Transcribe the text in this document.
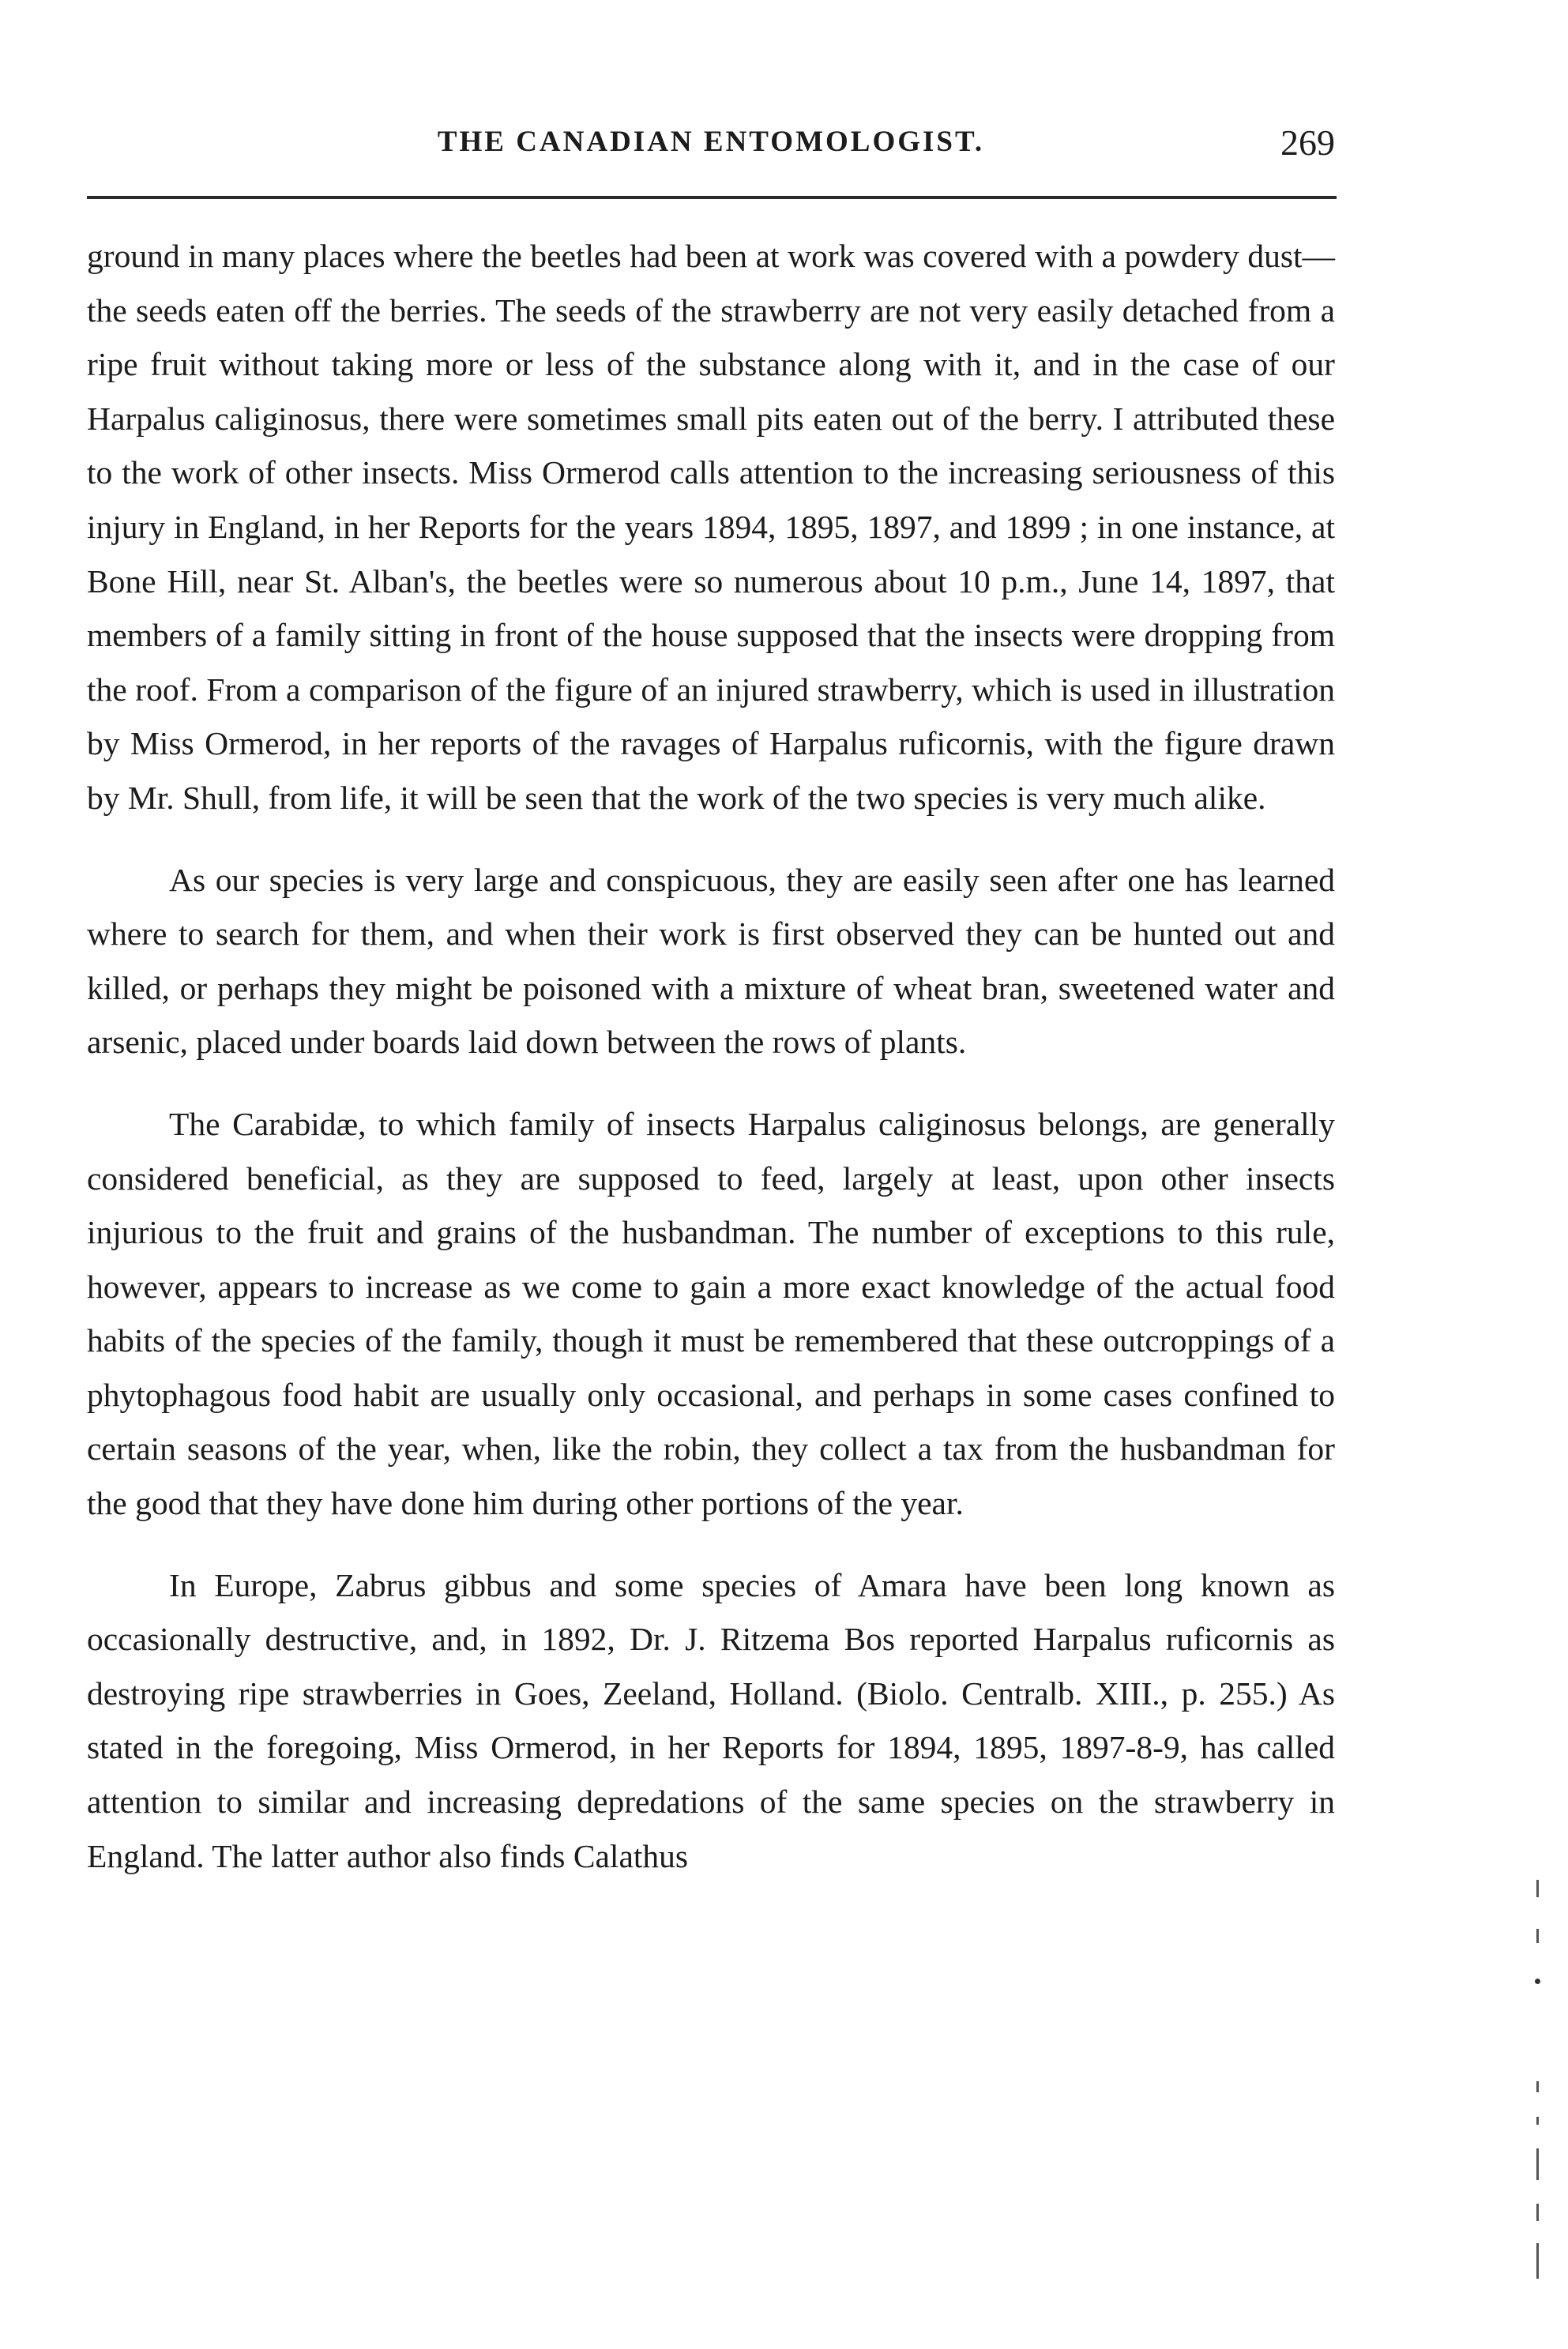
THE CANADIAN ENTOMOLOGIST.	269

ground in many places where the beetles had been at work was covered with a powdery dust—the seeds eaten off the berries. The seeds of the strawberry are not very easily detached from a ripe fruit without taking more or less of the substance along with it, and in the case of our Harpalus caliginosus, there were sometimes small pits eaten out of the berry. I attributed these to the work of other insects. Miss Ormerod calls attention to the increasing seriousness of this injury in England, in her Reports for the years 1894, 1895, 1897, and 1899 ; in one instance, at Bone Hill, near St. Alban's, the beetles were so numerous about 10 p.m., June 14, 1897, that members of a family sitting in front of the house supposed that the insects were dropping from the roof. From a comparison of the figure of an injured strawberry, which is used in illustration by Miss Ormerod, in her reports of the ravages of Harpalus ruficornis, with the figure drawn by Mr. Shull, from life, it will be seen that the work of the two species is very much alike.

As our species is very large and conspicuous, they are easily seen after one has learned where to search for them, and when their work is first observed they can be hunted out and killed, or perhaps they might be poisoned with a mixture of wheat bran, sweetened water and arsenic, placed under boards laid down between the rows of plants.

The Carabidæ, to which family of insects Harpalus caliginosus belongs, are generally considered beneficial, as they are supposed to feed, largely at least, upon other insects injurious to the fruit and grains of the husbandman. The number of exceptions to this rule, however, appears to increase as we come to gain a more exact knowledge of the actual food habits of the species of the family, though it must be remembered that these outcroppings of a phytophagous food habit are usually only occasional, and perhaps in some cases confined to certain seasons of the year, when, like the robin, they collect a tax from the husbandman for the good that they have done him during other portions of the year.

In Europe, Zabrus gibbus and some species of Amara have been long known as occasionally destructive, and, in 1892, Dr. J. Ritzema Bos reported Harpalus ruficornis as destroying ripe strawberries in Goes, Zeeland, Holland. (Biolo. Centralb. XIII., p. 255.) As stated in the foregoing, Miss Ormerod, in her Reports for 1894, 1895, 1897-8-9, has called attention to similar and increasing depredations of the same species on the strawberry in England. The latter author also finds Calathus
